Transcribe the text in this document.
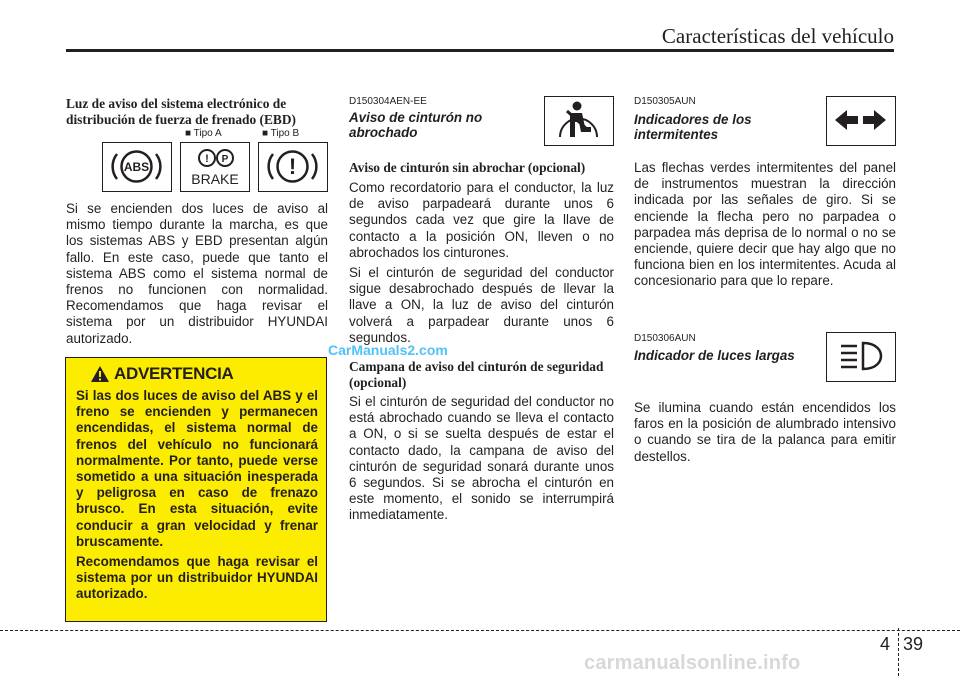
Características del vehículo
Luz de aviso del sistema electrónico de distribución de fuerza de frenado (EBD)
■ Tipo A	■ Tipo B
ABS
! P
BRAKE !

Si se encienden dos luces de aviso al mismo tiempo durante la marcha, es que los sistemas ABS y EBD presentan algún fallo. En este caso, puede que tanto el sistema ABS como el sistema normal de frenos no funcionen con normalidad. Recomendamos que haga revisar el sistema por un distribuidor HYUNDAI autorizado.

CarManuals2.com
ADVERTENCIA

Si las dos luces de aviso del ABS y el freno se encienden y permanecen encendidas, el sistema normal de frenos del vehículo no funcionará normalmente. Por tanto, puede verse sometido a una situación inesperada y peligrosa en caso de frenazo brusco. En esta situación, evite conducir a gran velocidad y frenar bruscamente.

Recomendamos que haga revisar el sistema por un distribuidor HYUNDAI autorizado.

D150304AEN-EE
Aviso de cinturón no abrochado
Aviso de cinturón sin abrochar (opcional)

Como recordatorio para el conductor, la luz de aviso parpadeará durante unos 6 segundos cada vez que gire la llave de contacto a la posición ON, lleven o no abrochados los cinturones.

Si el cinturón de seguridad del conductor sigue desabrochado después de llevar la llave a ON, la luz de aviso del cinturón volverá a parpadear durante unos 6 segundos.

Campana de aviso del cinturón de seguridad (opcional)

Si el cinturón de seguridad del conductor no está abrochado cuando se lleva el contacto a ON, o si se suelta después de estar el contacto dado, la campana de aviso del cinturón de seguridad sonará durante unos 6 segundos. Si se abrocha el cinturón en este momento, el sonido se interrumpirá inmediatamente.

D150305AUN
Indicadores de los intermitentes

Las flechas verdes intermitentes del panel de instrumentos muestran la dirección indicada por las señales de giro. Si se enciende la flecha pero no parpadea o parpadea más deprisa de lo normal o no se enciende, quiere decir que hay algo que no funciona bien en los intermitentes. Acuda al concesionario para que lo repare.

D150306AUN
Indicador de luces largas

Se ilumina cuando están encendidos los faros en la posición de alumbrado intensivo o cuando se tira de la palanca para emitir destellos.

4 39
carmanualsonline.info
